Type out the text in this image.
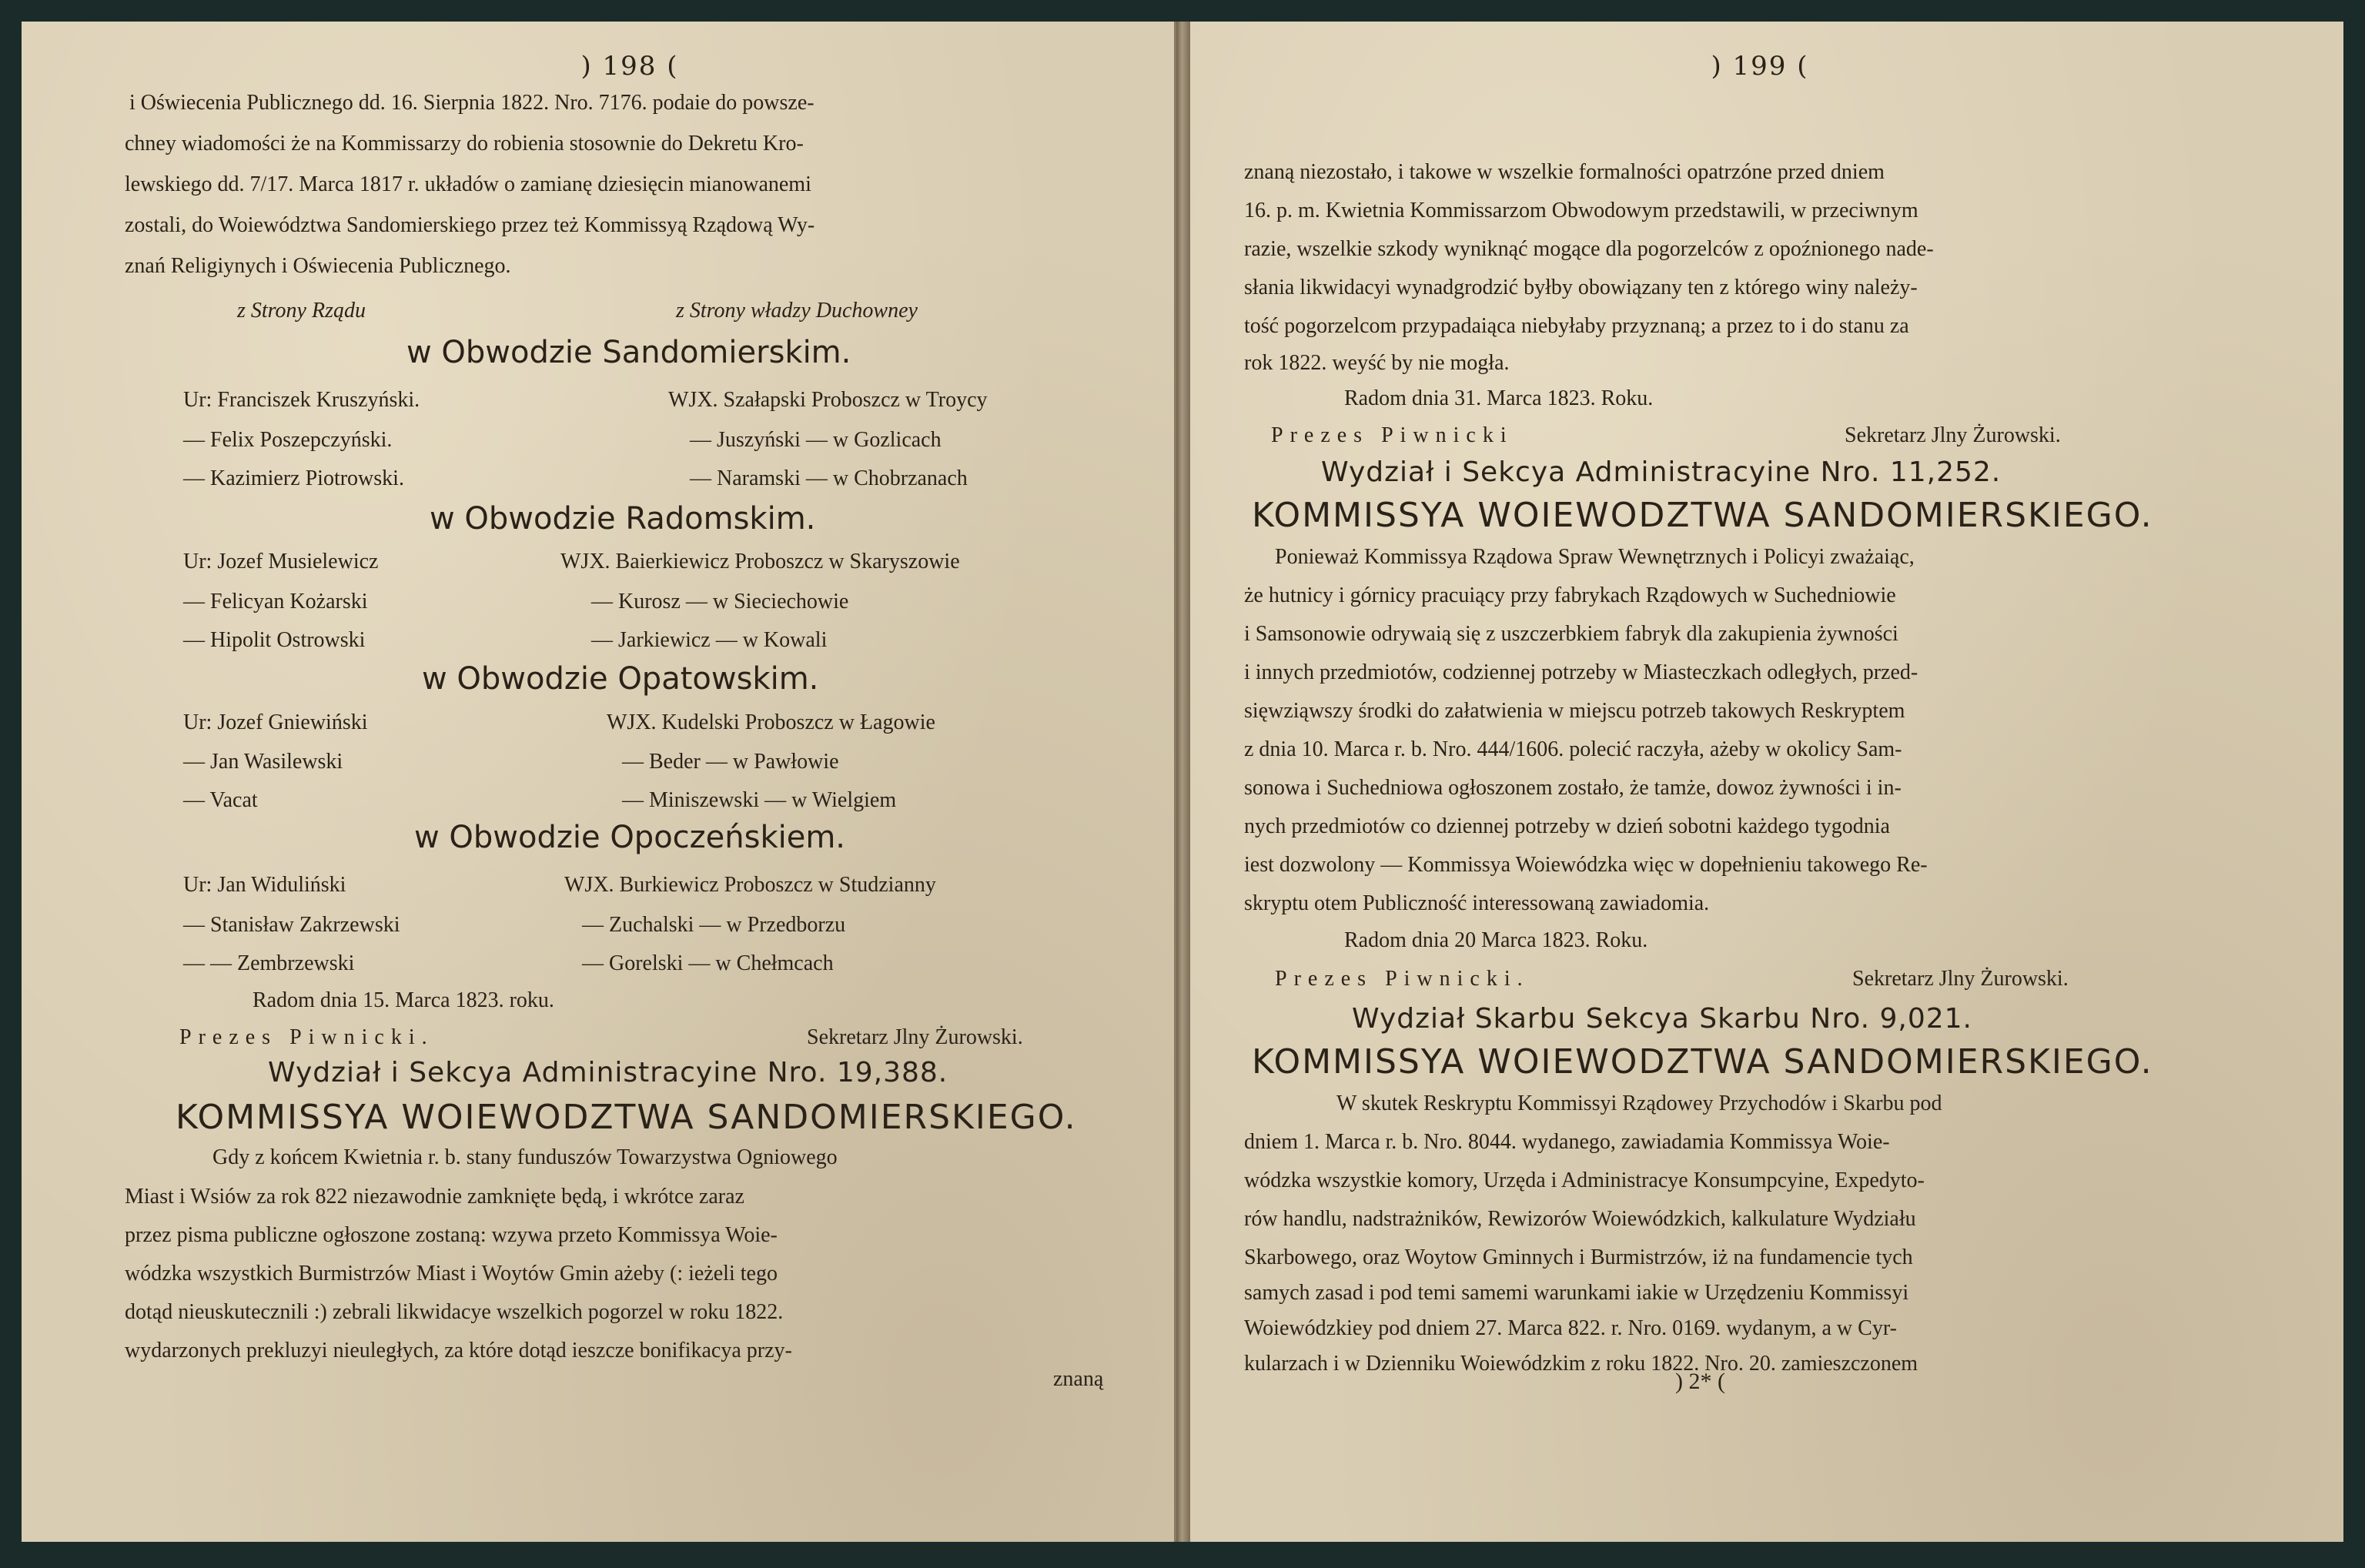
) 198 (
i Oświecenia Publicznego dd. 16. Sierpnia 1822. Nro. 7176. podaie do powsze-
chney wiadomości że na Kommissarzy do robienia stosownie do Dekretu Kro-
lewskiego dd. 7/17. Marca 1817 r. układów o zamianę dziesięcin mianowanemi
zostali, do Woiewództwa Sandomierskiego przez też Kommissyą Rządową Wy-
znań Religiynych i Oświecenia Publicznego.
z Strony Rządu	z Strony władzy Duchowney
w Obwodzie Sandomierskim.
Ur: Franciszek Kruszyński.	WJX. Szałapski Proboszcz w Troycy
— Felix Poszepczyński.	— Juszyński — w Gozlicach
— Kazimierz Piotrowski.	— Naramski — w Chobrzanach
w Obwodzie Radomskim.
Ur: Jozef Musielewicz	WJX. Baierkiewicz Proboszcz w Skaryszowie
— Felicyan Kożarski	— Kurosz — w Sieciechowie
— Hipolit Ostrowski	— Jarkiewicz — w Kowali
w Obwodzie Opatowskim.
Ur: Jozef Gniewiński	WJX. Kudelski Proboszcz w Łagowie
— Jan Wasilewski	— Beder — w Pawłowie
— Vacat	— Miniszewski — w Wielgiem
w Obwodzie Opoczeńskiem.
Ur: Jan Widuliński	WJX. Burkiewicz Proboszcz w Studzianny
— Stanisław Zakrzewski	— Zuchalski — w Przedborzu
— — Zembrzewski	— Gorelski — w Chełmcach
Radom dnia 15. Marca 1823. roku.
Prezes Piwnicki.	Sekretarz Jlny Żurowski.
Wydział i Sekcya Administracyine Nro. 19,388.
KOMMISSYA WOIEWODZTWA SANDOMIERSKIEGO.
Gdy z końcem Kwietnia r. b. stany funduszów Towarzystwa Ogniowego
Miast i Wsiów za rok 822 niezawodnie zamknięte będą, i wkrótce zaraz
przez pisma publiczne ogłoszone zostaną: wzywa przeto Kommissya Woie-
wódzka wszystkich Burmistrzów Miast i Woytów Gmin ażeby (: ieżeli tego
dotąd nieuskutecznili :) zebrali likwidacye wszelkich pogorzel w roku 1822.
wydarzonych prekluzyi nieuległych, za które dotąd ieszcze bonifikacya przy-
znaną
) 199 (
znaną niezostało, i takowe w wszelkie formalności opatrzóne przed dniem
16. p. m. Kwietnia Kommissarzom Obwodowym przedstawili, w przeciwnym
razie, wszelkie szkody wyniknąć mogące dla pogorzelców z opoźnionego nade-
słania likwidacyi wynadgrodzić byłby obowiązany ten z którego winy należy-
tość pogorzelcom przypadaiąca niebyłaby przyznaną; a przez to i do stanu za
rok 1822. weyść by nie mogła.
Radom dnia 31. Marca 1823. Roku.
Prezes Piwnicki	Sekretarz Jlny Żurowski.
Wydział i Sekcya Administracyine Nro. 11,252.
KOMMISSYA WOIEWODZTWA SANDOMIERSKIEGO.
Ponieważ Kommissya Rządowa Spraw Wewnętrznych i Policyi zważaiąc,
że hutnicy i górnicy pracuiący przy fabrykach Rządowych w Suchedniowie
i Samsonowie odrywaią się z uszczerbkiem fabryk dla zakupienia żywności
i innych przedmiotów, codziennej potrzeby w Miasteczkach odległych, przed-
sięwziąwszy środki do załatwienia w miejscu potrzeb takowych Reskryptem
z dnia 10. Marca r. b. Nro. 444/1606. polecić raczyła, ażeby w okolicy Sam-
sonowa i Suchedniowa ogłoszonem zostało, że tamże, dowoz żywności i in-
nych przedmiotów co dziennej potrzeby w dzień sobotni każdego tygodnia
iest dozwolony — Kommissya Woiewódzka więc w dopełnieniu takowego Re-
skryptu otem Publiczność interessowaną zawiadomia.
Radom dnia 20 Marca 1823. Roku.
Prezes Piwnicki.	Sekretarz Jlny Żurowski.
Wydział Skarbu Sekcya Skarbu Nro. 9,021.
KOMMISSYA WOIEWODZTWA SANDOMIERSKIEGO.
W skutek Reskryptu Kommissyi Rządowey Przychodów i Skarbu pod
dniem 1. Marca r. b. Nro. 8044. wydanego, zawiadamia Kommissya Woie-
wódzka wszystkie komory, Urzęda i Administracye Konsumpcyine, Expedyto-
rów handlu, nadstrażników, Rewizorów Woiewódzkich, kalkulature Wydziału
Skarbowego, oraz Woytow Gminnych i Burmistrzów, iż na fundamencie tych
samych zasad i pod temi samemi warunkami iakie w Urzędzeniu Kommissyi
Woiewódzkiey pod dniem 27. Marca 822. r. Nro. 0169. wydanym, a w Cyr-
kularzach i w Dzienniku Woiewódzkim z roku 1822. Nro. 20. zamieszczonem
) 2* (
